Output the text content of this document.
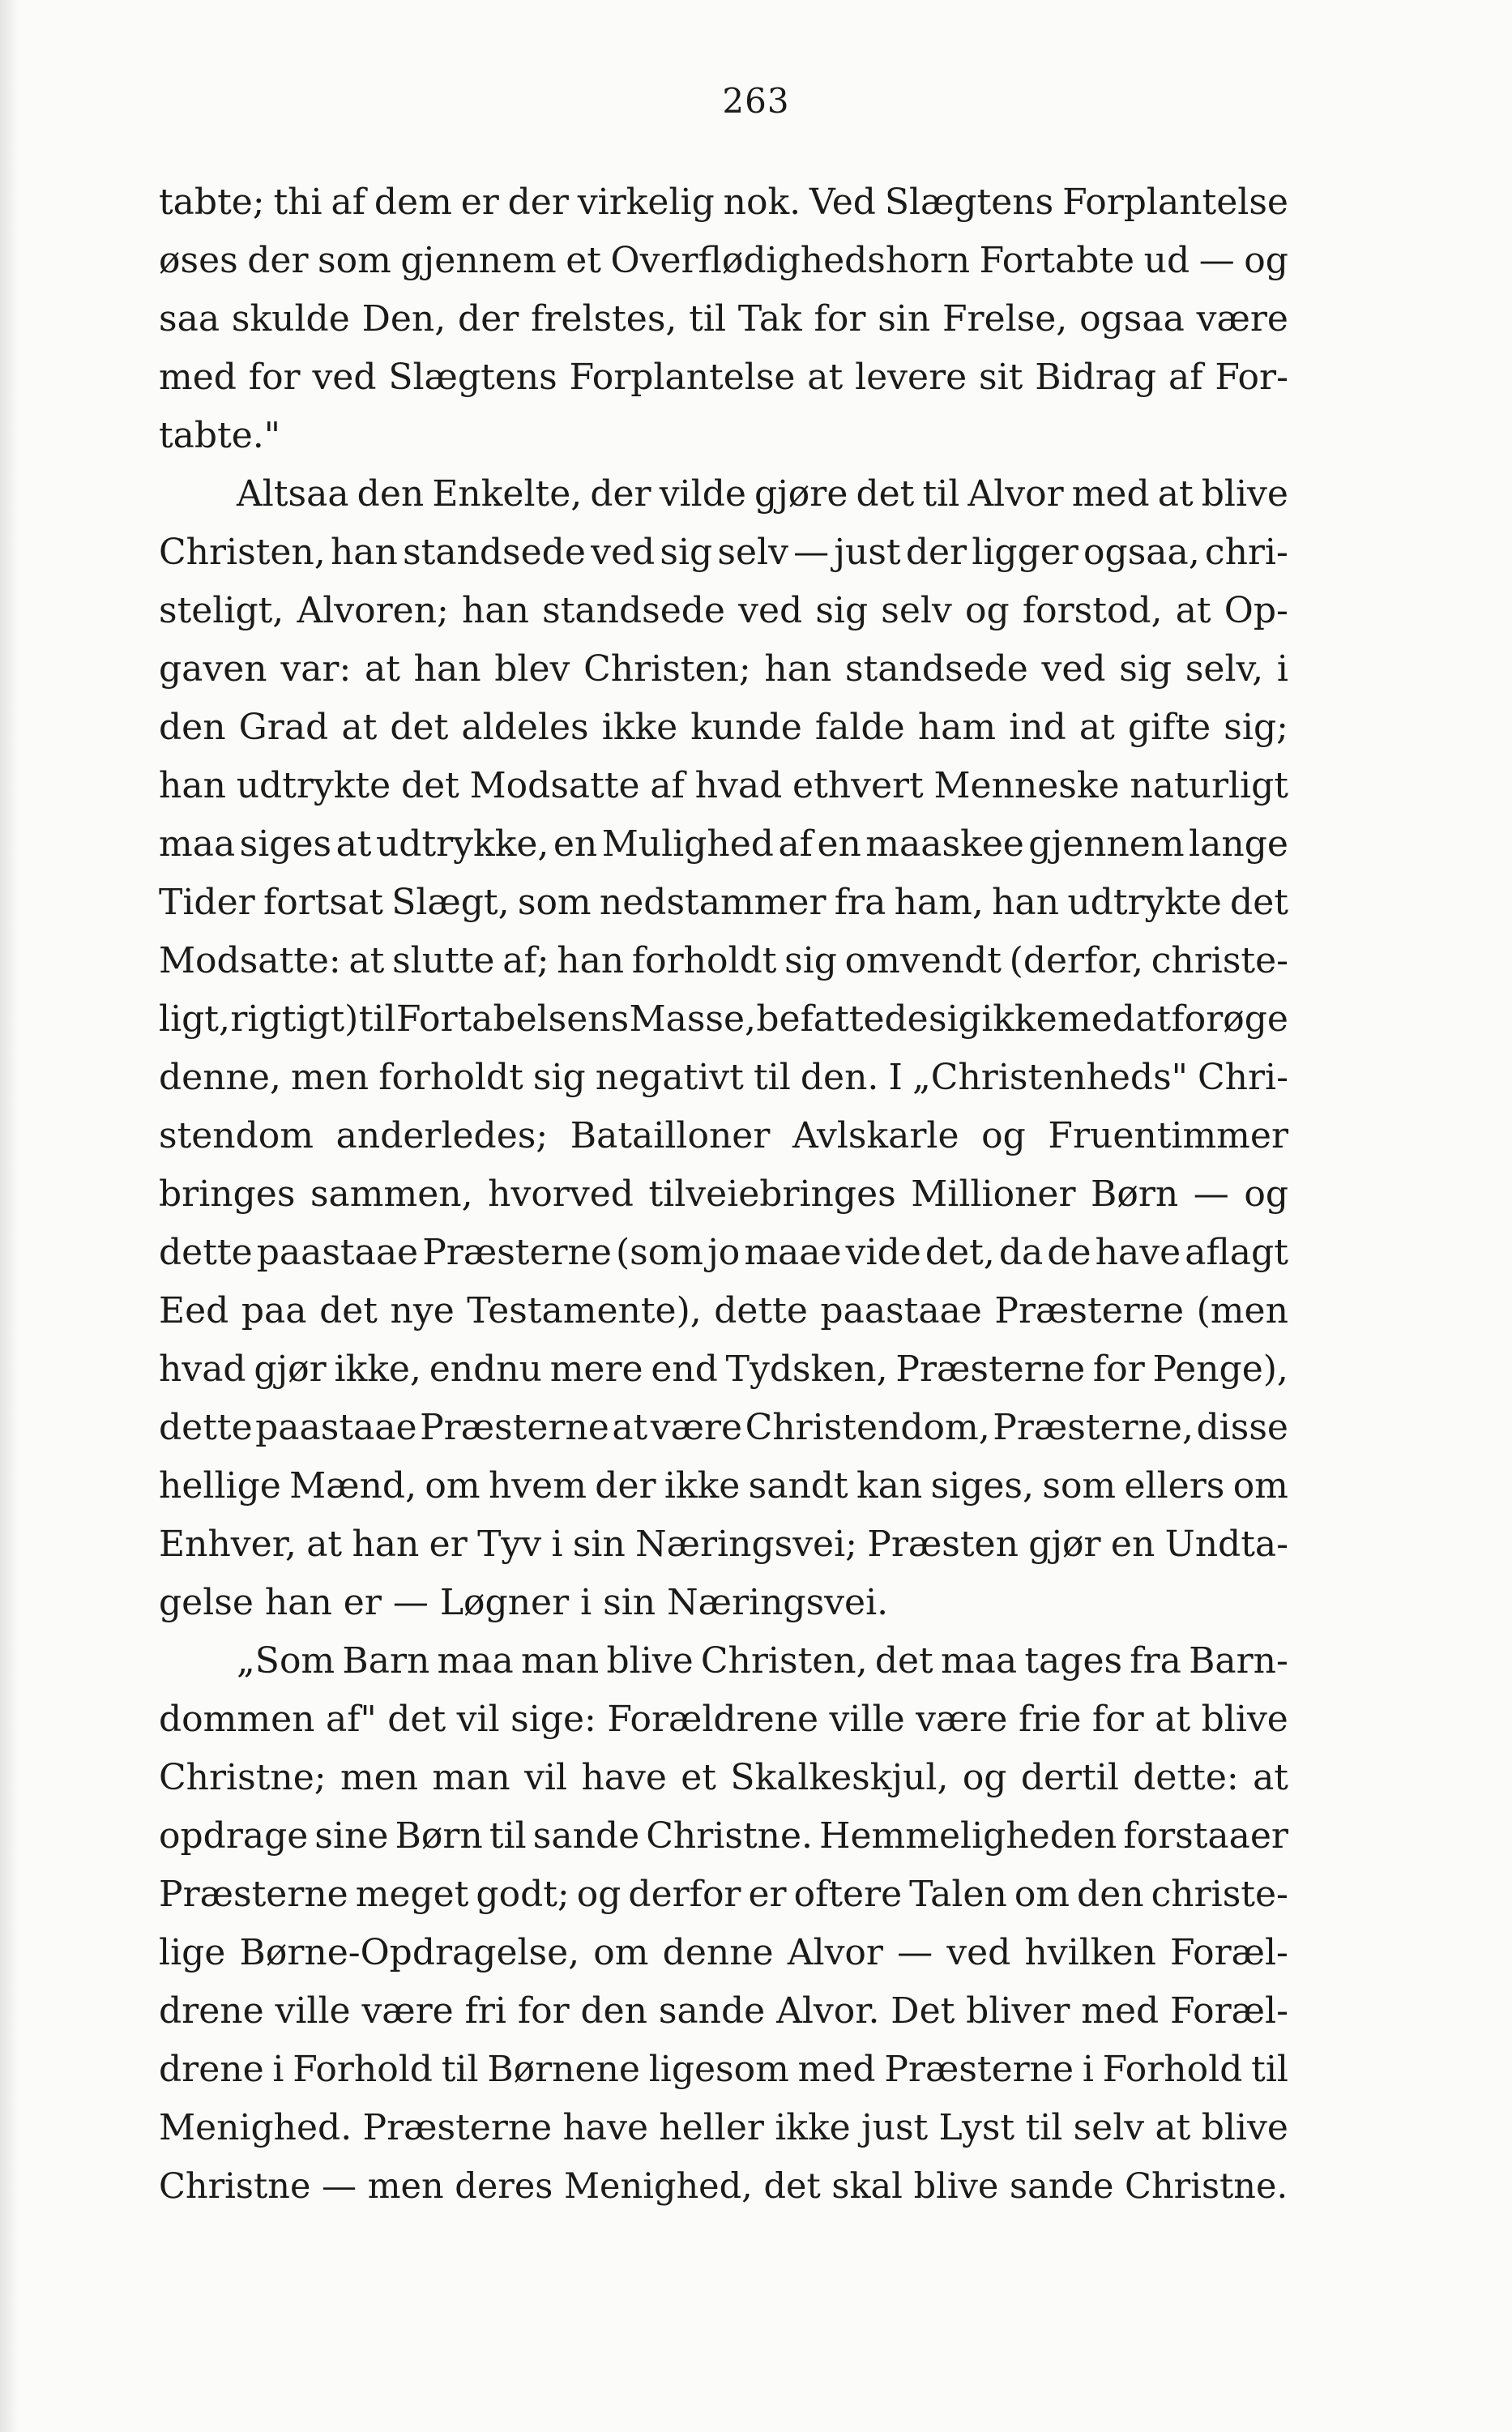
263
tabte; thi af dem er der virkelig nok. Ved Slægtens Forplantelse
øses der som gjennem et Overflødighedshorn Fortabte ud — og
saa skulde Den, der frelstes, til Tak for sin Frelse, ogsaa være
med for ved Slægtens Forplantelse at levere sit Bidrag af For-
tabte."
Altsaa den Enkelte, der vilde gjøre det til Alvor med at blive
Christen, han standsede ved sig selv — just der ligger ogsaa, chri-
steligt, Alvoren; han standsede ved sig selv og forstod, at Op-
gaven var: at han blev Christen; han standsede ved sig selv, i
den Grad at det aldeles ikke kunde falde ham ind at gifte sig;
han udtrykte det Modsatte af hvad ethvert Menneske naturligt
maa siges at udtrykke, en Mulighed af en maaskee gjennem lange
Tider fortsat Slægt, som nedstammer fra ham, han udtrykte det
Modsatte: at slutte af; han forholdt sig omvendt (derfor, christe-
ligt, rigtigt) til Fortabelsens Masse, befattede sig ikke med at forøge
denne, men forholdt sig negativt til den. I „Christenheds" Chri-
stendom anderledes; Batailloner Avlskarle og Fruentimmer
bringes sammen, hvorved tilveiebringes Millioner Børn — og
dette paastaae Præsterne (som jo maae vide det, da de have aflagt
Eed paa det nye Testamente), dette paastaae Præsterne (men
hvad gjør ikke, endnu mere end Tydsken, Præsterne for Penge),
dette paastaae Præsterne at være Christendom, Præsterne, disse
hellige Mænd, om hvem der ikke sandt kan siges, som ellers om
Enhver, at han er Tyv i sin Næringsvei; Præsten gjør en Undta-
gelse han er — Løgner i sin Næringsvei.
„Som Barn maa man blive Christen, det maa tages fra Barn-
dommen af" det vil sige: Forældrene ville være frie for at blive
Christne; men man vil have et Skalkeskjul, og dertil dette: at
opdrage sine Børn til sande Christne. Hemmeligheden forstaaer
Præsterne meget godt; og derfor er oftere Talen om den christe-
lige Børne-Opdragelse, om denne Alvor — ved hvilken Foræl-
drene ville være fri for den sande Alvor. Det bliver med Foræl-
drene i Forhold til Børnene ligesom med Præsterne i Forhold til
Menighed. Præsterne have heller ikke just Lyst til selv at blive
Christne — men deres Menighed, det skal blive sande Christne.
